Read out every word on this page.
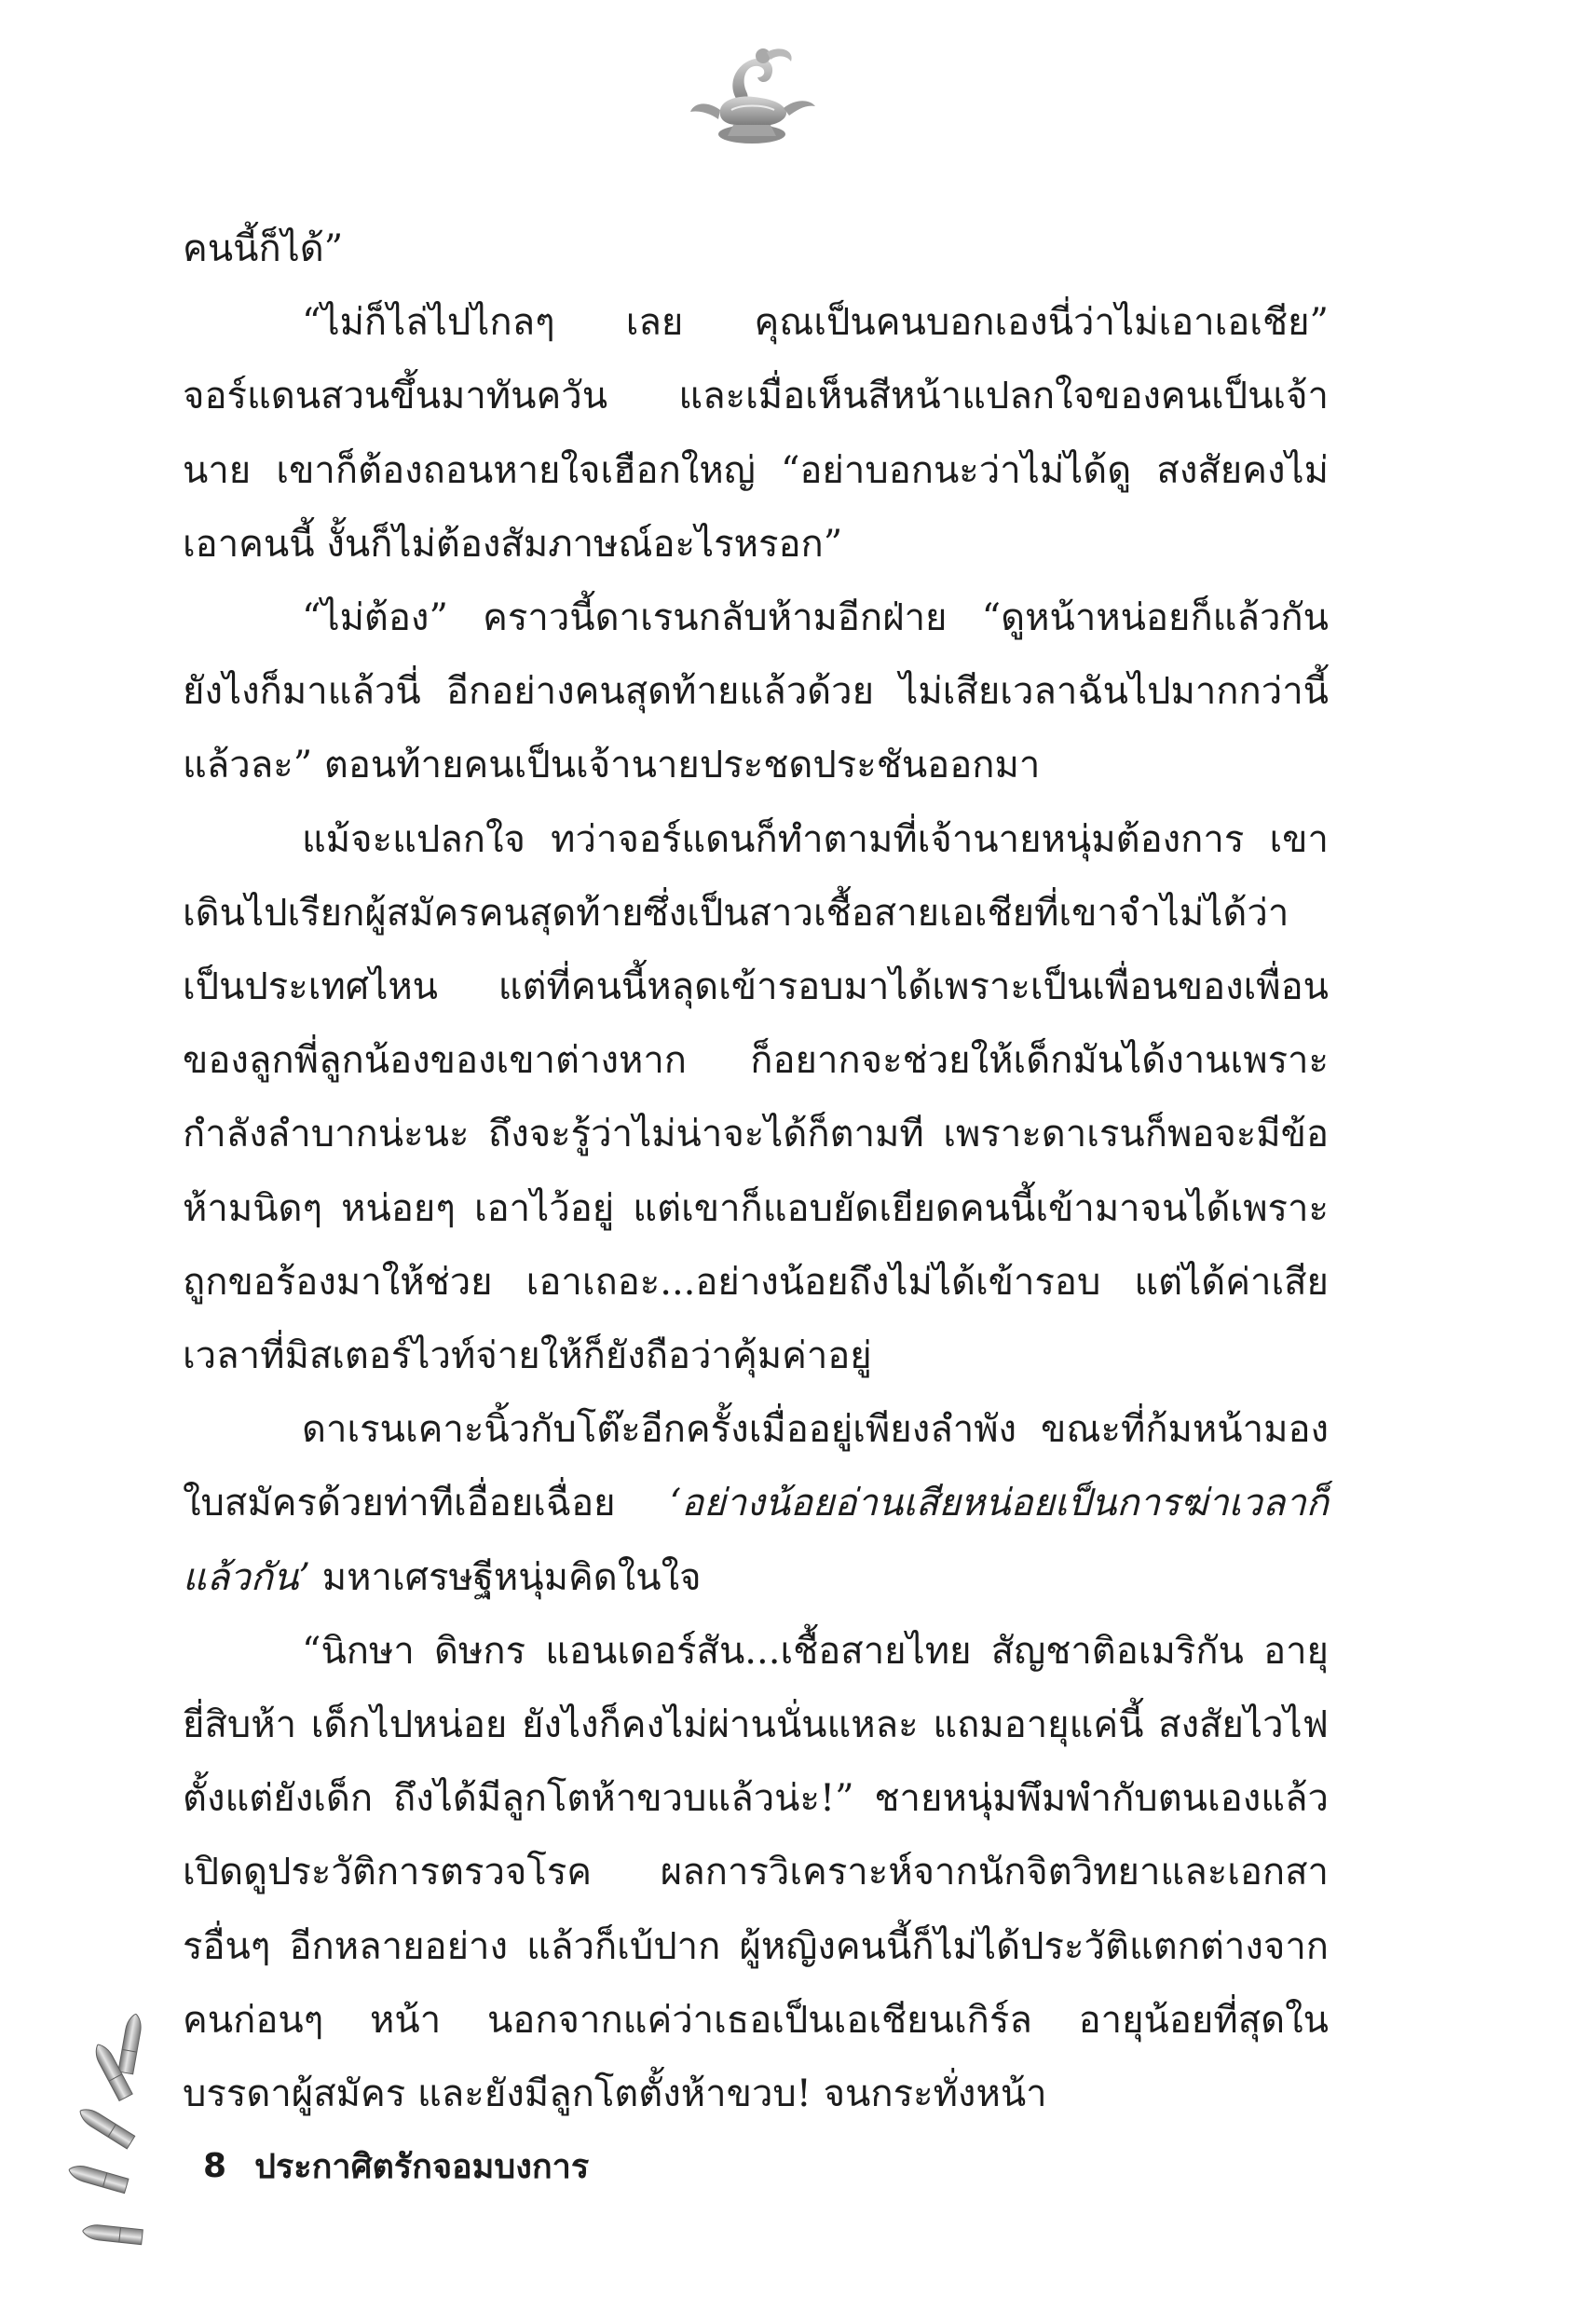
คนนี้ก็ได้”

“ไม่ก็ไล่ไปไกลๆ เลย คุณเป็นคนบอกเองนี่ว่าไม่เอาเอเชีย” จอร์แดนสวนขึ้นมาทันควัน และเมื่อเห็นสีหน้าแปลกใจของคนเป็นเจ้านาย เขาก็ต้องถอนหายใจเฮือกใหญ่ “อย่าบอกนะว่าไม่ได้ดู สงสัยคงไม่เอาคนนี้ งั้นก็ไม่ต้องสัมภาษณ์อะไรหรอก”

“ไม่ต้อง” คราวนี้ดาเรนกลับห้ามอีกฝ่าย “ดูหน้าหน่อยก็แล้วกัน ยังไงก็มาแล้วนี่ อีกอย่างคนสุดท้ายแล้วด้วย ไม่เสียเวลาฉันไปมากกว่านี้แล้วละ” ตอนท้ายคนเป็นเจ้านายประชดประชันออกมา

แม้จะแปลกใจ ทว่าจอร์แดนก็ทำตามที่เจ้านายหนุ่มต้องการ เขาเดินไปเรียกผู้สมัครคนสุดท้ายซึ่งเป็นสาวเชื้อสายเอเชียที่เขาจำไม่ได้ว่าเป็นประเทศไหน แต่ที่คนนี้หลุดเข้ารอบมาได้เพราะเป็นเพื่อนของเพื่อนของลูกพี่ลูกน้องของเขาต่างหาก ก็อยากจะช่วยให้เด็กมันได้งานเพราะกำลังลำบากน่ะนะ ถึงจะรู้ว่าไม่น่าจะได้ก็ตามที เพราะดาเรนก็พอจะมีข้อห้ามนิดๆ หน่อยๆ เอาไว้อยู่ แต่เขาก็แอบยัดเยียดคนนี้เข้ามาจนได้เพราะถูกขอร้องมาให้ช่วย เอาเถอะ...อย่างน้อยถึงไม่ได้เข้ารอบ แต่ได้ค่าเสียเวลาที่มิสเตอร์ไวท์จ่ายให้ก็ยังถือว่าคุ้มค่าอยู่

ดาเรนเคาะนิ้วกับโต๊ะอีกครั้งเมื่ออยู่เพียงลำพัง ขณะที่ก้มหน้ามองใบสมัครด้วยท่าทีเอื่อยเฉื่อย ‘อย่างน้อยอ่านเสียหน่อยเป็นการฆ่าเวลาก็แล้วกัน’ มหาเศรษฐีหนุ่มคิดในใจ

“นิกษา ดิษกร แอนเดอร์สัน...เชื้อสายไทย สัญชาติอเมริกัน อายุยี่สิบห้า เด็กไปหน่อย ยังไงก็คงไม่ผ่านนั่นแหละ แถมอายุแค่นี้ สงสัยไวไฟตั้งแต่ยังเด็ก ถึงได้มีลูกโตห้าขวบแล้วน่ะ!” ชายหนุ่มพึมพำกับตนเองแล้วเปิดดูประวัติการตรวจโรค ผลการวิเคราะห์จากนักจิตวิทยาและเอกสารอื่นๆ อีกหลายอย่าง แล้วก็เบ้ปาก ผู้หญิงคนนี้ก็ไม่ได้ประวัติแตกต่างจากคนก่อนๆ หน้า นอกจากแค่ว่าเธอเป็นเอเชียนเกิร์ล อายุน้อยที่สุดในบรรดาผู้สมัคร และยังมีลูกโตตั้งห้าขวบ! จนกระทั่งหน้า

8 ประกาศิตรักจอมบงการ
